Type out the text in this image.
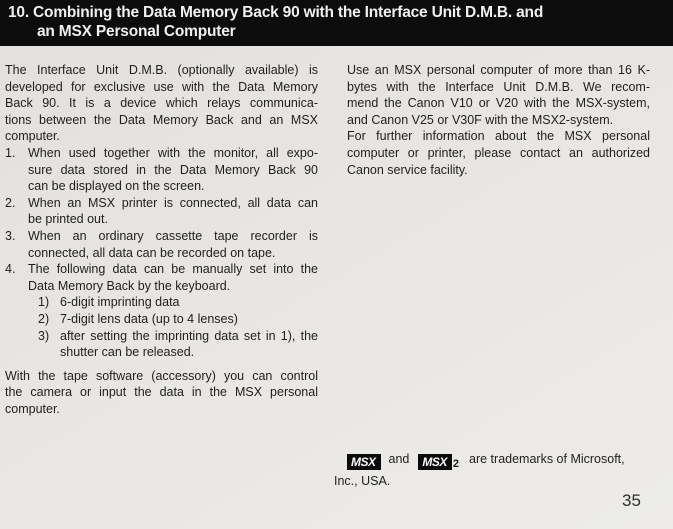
10. Combining the Data Memory Back 90 with the Interface Unit D.M.B. and
an MSX Personal Computer
The Interface Unit D.M.B. (optionally available) is
developed for exclusive use with the Data Memory
Back 90. It is a device which relays communica-
tions between the Data Memory Back and an MSX
computer.
1.	When used together with the monitor, all expo-
sure data stored in the Data Memory Back 90
can be displayed on the screen.
2.	When an MSX printer is connected, all data can
be printed out.
3.	When an ordinary cassette tape recorder is
connected, all data can be recorded on tape.
4.	The following data can be manually set into the
Data Memory Back by the keyboard.
1) 6-digit imprinting data
2) 7-digit lens data (up to 4 lenses)
3) after setting the imprinting data set in 1), the
shutter can be released.
With the tape software (accessory) you can control
the camera or input the data in the MSX personal
computer.
Use an MSX personal computer of more than 16 K-
bytes with the Interface Unit D.M.B. We recom-
mend the Canon V10 or V20 with the MSX-system,
and Canon V25 or V30F with the MSX2-system.
For further information about the MSX personal
computer or printer, please contact an authorized
Canon service facility.
MSX and MSX 2 are trademarks of Microsoft,
Inc., USA.
35
